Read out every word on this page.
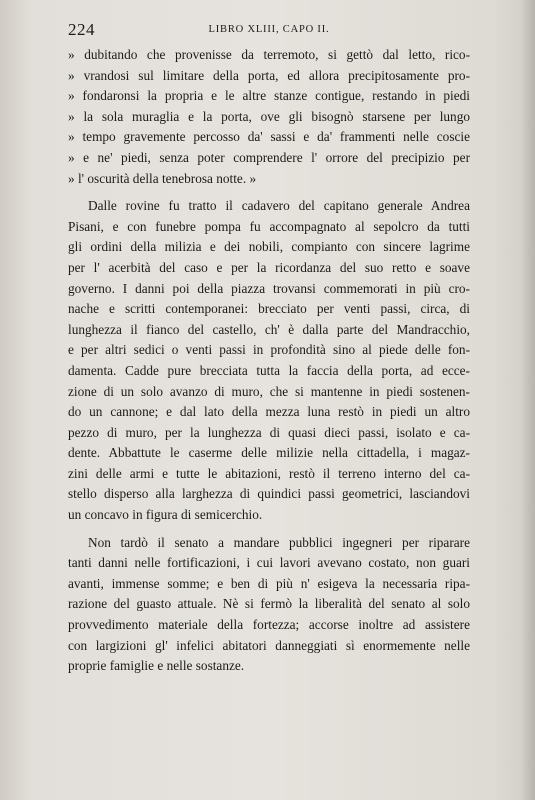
224	LIBRO XLIII, CAPO II.
» dubitando che provenisse da terremoto, si gettò dal letto, rico-
» vrandosi sul limitare della porta, ed allora precipitosamente pro-
» fondaronsi la propria e le altre stanze contigue, restando in piedi
» la sola muraglia e la porta, ove gli bisognò starsene per lungo
» tempo gravemente percosso da' sassi e da' frammenti nelle coscie
» e ne' piedi, senza poter comprendere l' orrore del precipizio per
» l' oscurità della tenebrosa notte. »
Dalle rovine fu tratto il cadavero del capitano generale Andrea
Pisani, e con funebre pompa fu accompagnato al sepolcro da tutti
gli ordini della milizia e dei nobili, compianto con sincere lagrime
per l' acerbità del caso e per la ricordanza del suo retto e soave
governo. I danni poi della piazza trovansi commemorati in più cro-
nache e scritti contemporanei: brecciato per venti passi, circa, di
lunghezza il fianco del castello, ch' è dalla parte del Mandracchio,
e per altri sedici o venti passi in profondità sino al piede delle fon-
damenta. Cadde pure brecciata tutta la faccia della porta, ad ecce-
zione di un solo avanzo di muro, che si mantenne in piedi sostenen-
do un cannone; e dal lato della mezza luna restò in piedi un altro
pezzo di muro, per la lunghezza di quasi dieci passi, isolato e ca-
dente. Abbattute le caserme delle milizie nella cittadella, i magaz-
zini delle armi e tutte le abitazioni, restò il terreno interno del ca-
stello disperso alla larghezza di quindici passi geometrici, lasciandovi
un concavo in figura di semicerchio.
Non tardò il senato a mandare pubblici ingegneri per riparare
tanti danni nelle fortificazioni, i cui lavori avevano costato, non guari
avanti, immense somme; e ben di più n' esigeva la necessaria ripa-
razione del guasto attuale. Nè si fermò la liberalità del senato al solo
provvedimento materiale della fortezza; accorse inoltre ad assistere
con largizioni gl' infelici abitatori danneggiati sì enormemente nelle
proprie famiglie e nelle sostanze.
